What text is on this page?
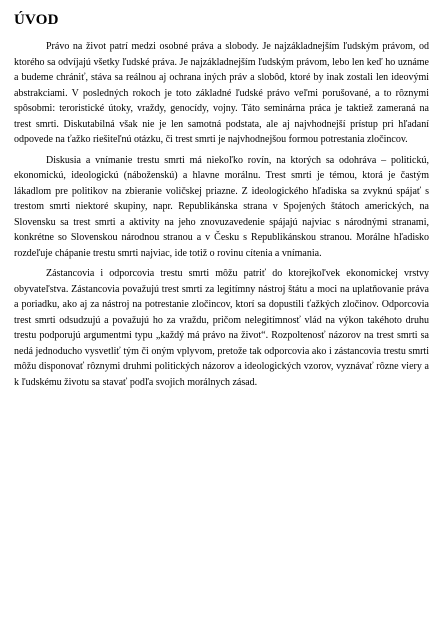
ÚVOD

Právo na život patrí medzi osobné práva a slobody. Je najzákladnejším ľudským právom, od ktorého sa odvíjajú všetky ľudské práva. Je najzákladnejším ľudským právom, lebo len keď ho uznáme a budeme chrániť, stáva sa reálnou aj ochrana iných práv a slobôd, ktoré by inak zostali len ideovými abstrakciami. V posledných rokoch je toto základné ľudské právo veľmi porušované, a to rôznymi spôsobmi: teroristické útoky, vraždy, genocídy, vojny. Táto seminárna práca je taktiež zameraná na trest smrti. Diskutabilná však nie je len samotná podstata, ale aj najvhodnejší prístup pri hľadaní odpovede na ťažko riešiteľnú otázku, či trest smrti je najvhodnejšou formou potrestania zločincov.

Diskusia a vnímanie trestu smrti má niekoľko rovín, na ktorých sa odohráva – politickú, ekonomickú, ideologickú (náboženskú) a hlavne morálnu. Trest smrti je témou, ktorá je častým lákadlom pre politikov na zbieranie voličskej priazne. Z ideologického hľadiska sa zvyknú spájať s trestom smrti niektoré skupiny, napr. Republikánska strana v Spojených štátoch amerických, na Slovensku sa trest smrti a aktivity na jeho znovuzavedenie spájajú najviac s národnými stranami, konkrétne so Slovenskou národnou stranou a v Česku s Republikánskou stranou. Morálne hľadisko rozdeľuje chápanie trestu smrti najviac, ide totiž o rovinu cítenia a vnímania.

Zástancovia i odporcovia trestu smrti môžu patriť do ktorejkoľvek ekonomickej vrstvy obyvateľstva. Zástancovia považujú trest smrti za legitímny nástroj štátu a moci na uplatňovanie práva a poriadku, ako aj za nástroj na potrestanie zločincov, ktorí sa dopustili ťažkých zločinov. Odporcovia trest smrti odsudzujú a považujú ho za vraždu, pričom nelegitímnosť vlád na výkon takéhoto druhu trestu podporujú argumentmi typu „každý má právo na život“. Rozpoltenosť názorov na trest smrti sa nedá jednoducho vysvetliť tým či oným vplyvom, pretože tak odporcovia ako i zástancovia trestu smrti môžu disponovať rôznymi druhmi politických názorov a ideologických vzorov, vyznávať rôzne viery a k ľudskému životu sa stavať podľa svojich morálnych zásad.
